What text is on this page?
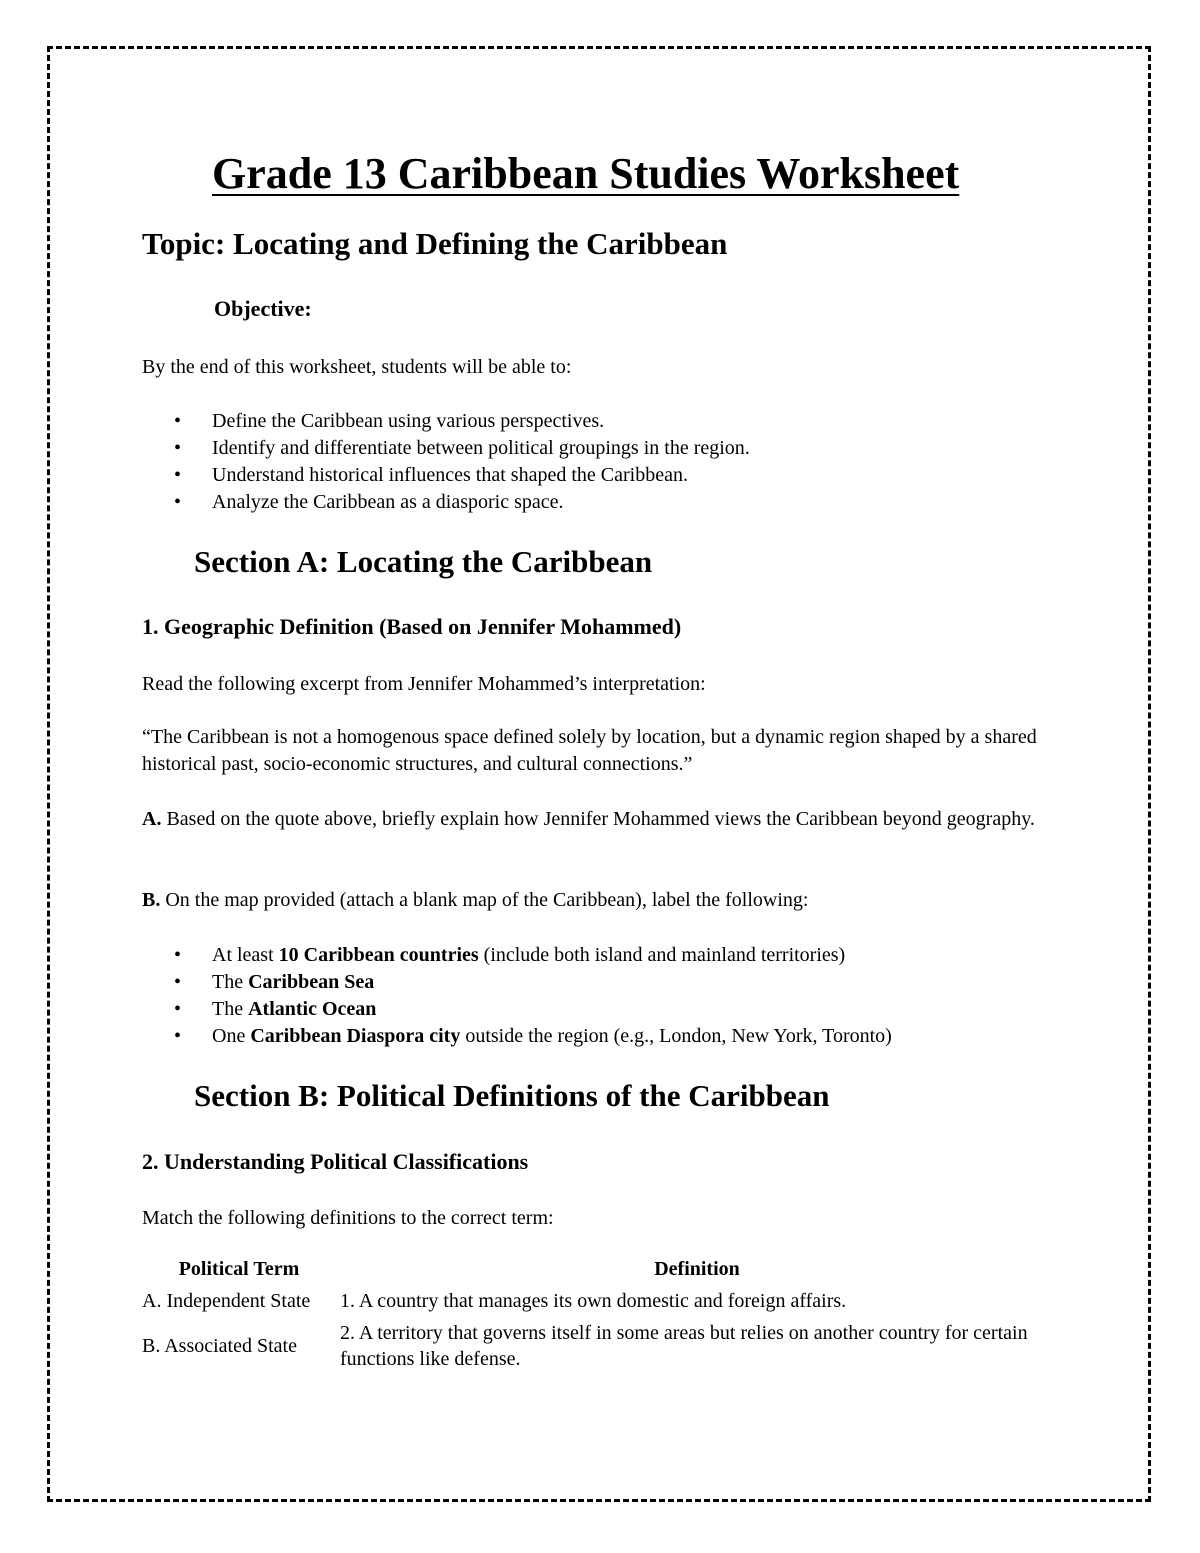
Grade 13 Caribbean Studies Worksheet
Topic: Locating and Defining the Caribbean
Objective:
By the end of this worksheet, students will be able to:
• Define the Caribbean using various perspectives.
• Identify and differentiate between political groupings in the region.
• Understand historical influences that shaped the Caribbean.
• Analyze the Caribbean as a diasporic space.
Section A: Locating the Caribbean
1. Geographic Definition (Based on Jennifer Mohammed)
Read the following excerpt from Jennifer Mohammed’s interpretation:
“The Caribbean is not a homogenous space defined solely by location, but a dynamic region shaped by a shared historical past, socio-economic structures, and cultural connections.”
A. Based on the quote above, briefly explain how Jennifer Mohammed views the Caribbean beyond geography.
B. On the map provided (attach a blank map of the Caribbean), label the following:
• At least 10 Caribbean countries (include both island and mainland territories)
• The Caribbean Sea
• The Atlantic Ocean
• One Caribbean Diaspora city outside the region (e.g., London, New York, Toronto)
Section B: Political Definitions of the Caribbean
2. Understanding Political Classifications
Match the following definitions to the correct term:
Political Term	Definition
A. Independent State	1. A country that manages its own domestic and foreign affairs.
B. Associated State	2. A territory that governs itself in some areas but relies on another country for certain functions like defense.
